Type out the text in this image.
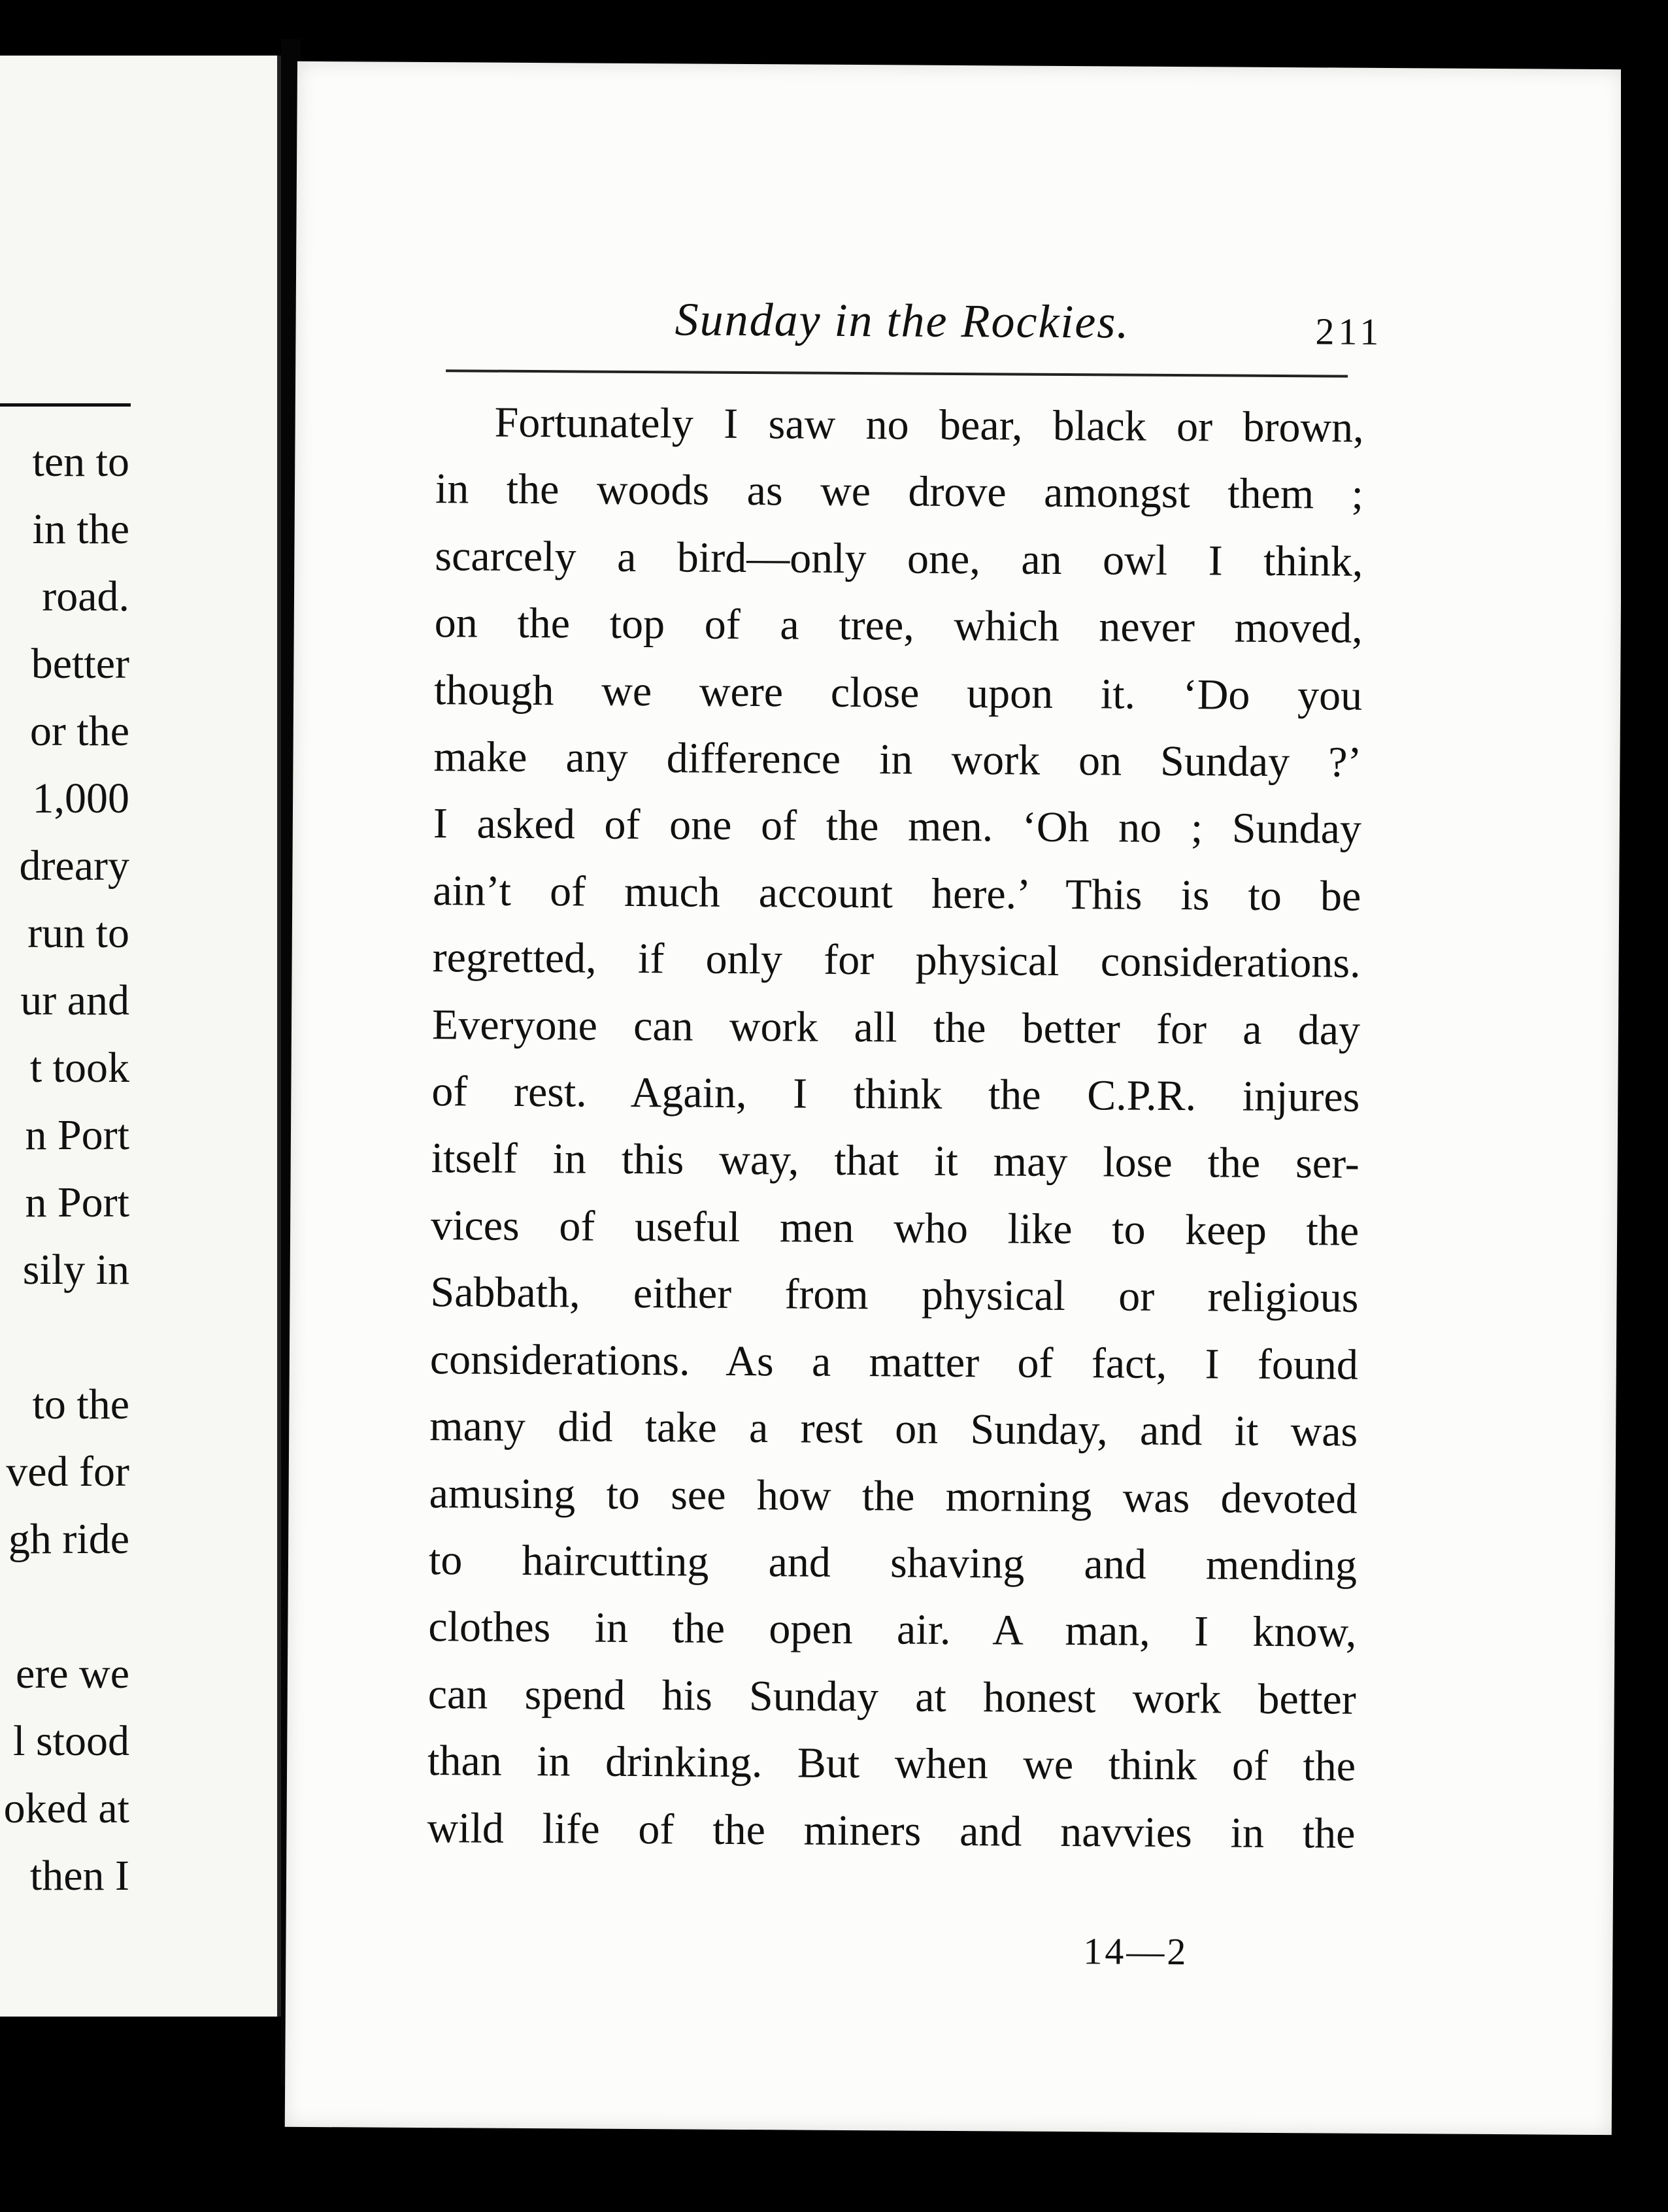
ten to
in the
road.
better
or the
1,000
dreary
run to
ur and
t took
n Port
n Port
sily in
to the
ved for
gh ride
ere we
l stood
oked at
then I
Sunday in the Rockies.	211
Fortunately I saw no bear, black or brown,
in the woods as we drove amongst them ;
scarcely a bird—only one, an owl I think,
on the top of a tree, which never moved,
though we were close upon it. ‘Do you
make any difference in work on Sunday ?’
I asked of one of the men. ‘Oh no ; Sunday
ain’t of much account here.’ This is to be
regretted, if only for physical considerations.
Everyone can work all the better for a day
of rest. Again, I think the C.P.R. injures
itself in this way, that it may lose the ser-
vices of useful men who like to keep the
Sabbath, either from physical or religious
considerations. As a matter of fact, I found
many did take a rest on Sunday, and it was
amusing to see how the morning was devoted
to haircutting and shaving and mending
clothes in the open air. A man, I know,
can spend his Sunday at honest work better
than in drinking. But when we think of the
wild life of the miners and navvies in the
14—2
